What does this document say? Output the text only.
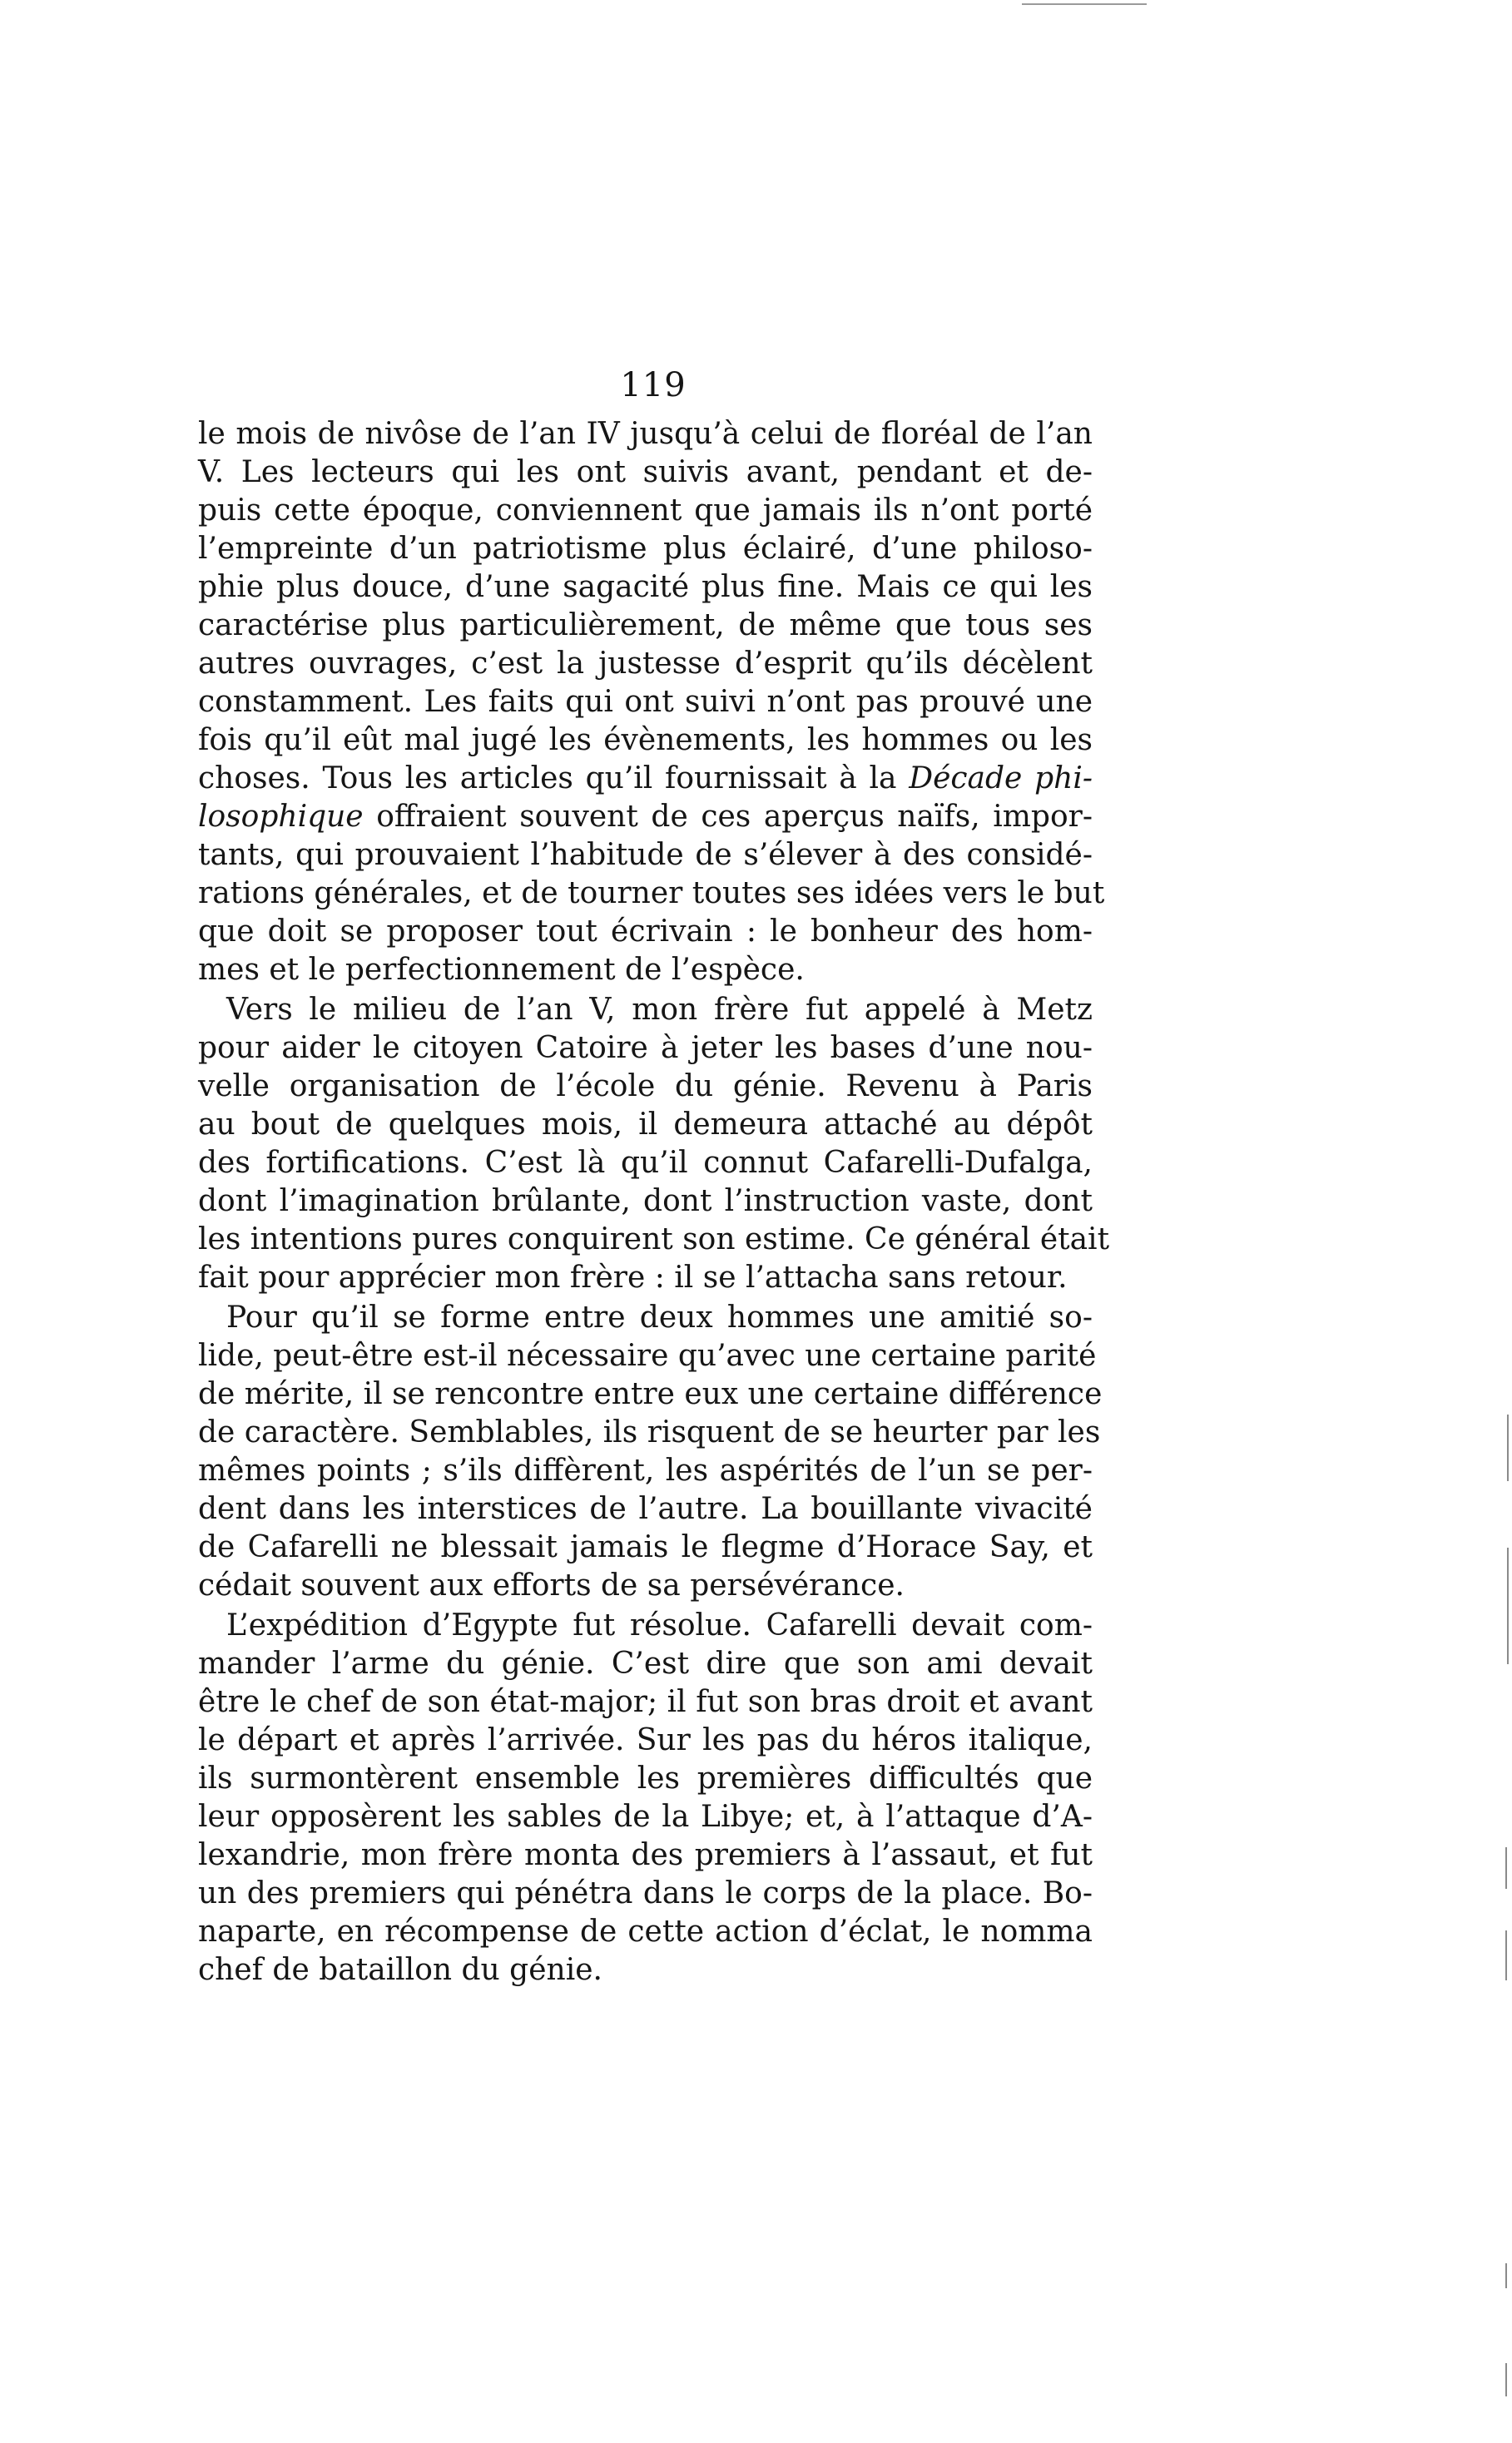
119
le mois de nivôse de l’an IV jusqu’à celui de floréal de l’an
V. Les lecteurs qui les ont suivis avant, pendant et de-
puis cette époque, conviennent que jamais ils n’ont porté
l’empreinte d’un patriotisme plus éclairé, d’une philoso-
phie plus douce, d’une sagacité plus fine. Mais ce qui les
caractérise plus particulièrement, de même que tous ses
autres ouvrages, c’est la justesse d’esprit qu’ils décèlent
constamment. Les faits qui ont suivi n’ont pas prouvé une
fois qu’il eût mal jugé les évènements, les hommes ou les
choses. Tous les articles qu’il fournissait à la Décade phi-
losophique offraient souvent de ces aperçus naïfs, impor-
tants, qui prouvaient l’habitude de s’élever à des considé-
rations générales, et de tourner toutes ses idées vers le but
que doit se proposer tout écrivain : le bonheur des hom-
mes et le perfectionnement de l’espèce.
Vers le milieu de l’an V, mon frère fut appelé à Metz
pour aider le citoyen Catoire à jeter les bases d’une nou-
velle organisation de l’école du génie. Revenu à Paris
au bout de quelques mois, il demeura attaché au dépôt
des fortifications. C’est là qu’il connut Cafarelli-Dufalga,
dont l’imagination brûlante, dont l’instruction vaste, dont
les intentions pures conquirent son estime. Ce général était
fait pour apprécier mon frère : il se l’attacha sans retour.
Pour qu’il se forme entre deux hommes une amitié so-
lide, peut-être est-il nécessaire qu’avec une certaine parité
de mérite, il se rencontre entre eux une certaine différence
de caractère. Semblables, ils risquent de se heurter par les
mêmes points ; s’ils diffèrent, les aspérités de l’un se per-
dent dans les interstices de l’autre. La bouillante vivacité
de Cafarelli ne blessait jamais le flegme d’Horace Say, et
cédait souvent aux efforts de sa persévérance.
L’expédition d’Egypte fut résolue. Cafarelli devait com-
mander l’arme du génie. C’est dire que son ami devait
être le chef de son état-major; il fut son bras droit et avant
le départ et après l’arrivée. Sur les pas du héros italique,
ils surmontèrent ensemble les premières difficultés que
leur opposèrent les sables de la Libye; et, à l’attaque d’A-
lexandrie, mon frère monta des premiers à l’assaut, et fut
un des premiers qui pénétra dans le corps de la place. Bo-
naparte, en récompense de cette action d’éclat, le nomma
chef de bataillon du génie.
